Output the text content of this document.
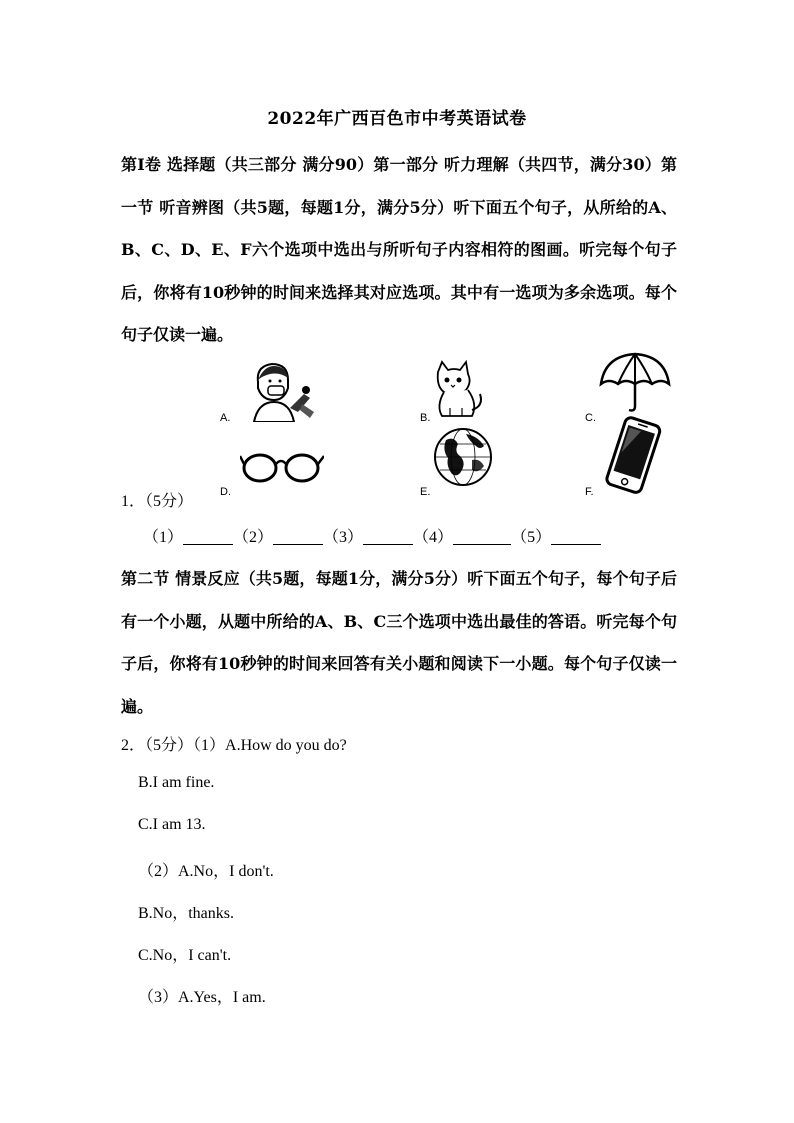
2022年广西百色市中考英语试卷

第Ⅰ卷 选择题（共三部分 满分90）第一部分 听力理解（共四节，满分30）第一节 听音辨图（共5题，每题1分，满分5分）听下面五个句子，从所给的A、B、C、D、E、F六个选项中选出与所听句子内容相符的图画。听完每个句子后，你将有10秒钟的时间来选择其对应选项。其中有一选项为多余选项。每个句子仅读一遍。

A.	B.	C.
D.	E.	F.
1．（5分）
（1）	（2）	（3）	（4）	（5）

第二节 情景反应（共5题，每题1分，满分5分）听下面五个句子，每个句子后有一个小题，从题中所给的A、B、C三个选项中选出最佳的答语。听完每个句子后，你将有10秒钟的时间来回答有关小题和阅读下一小题。每个句子仅读一遍。

2．（5分）（1）A.How do you do?
B.I am fine.
C.I am 13.
（2）A.No，I don't.
B.No，thanks.
C.No，I can't.
（3）A.Yes，I am.
